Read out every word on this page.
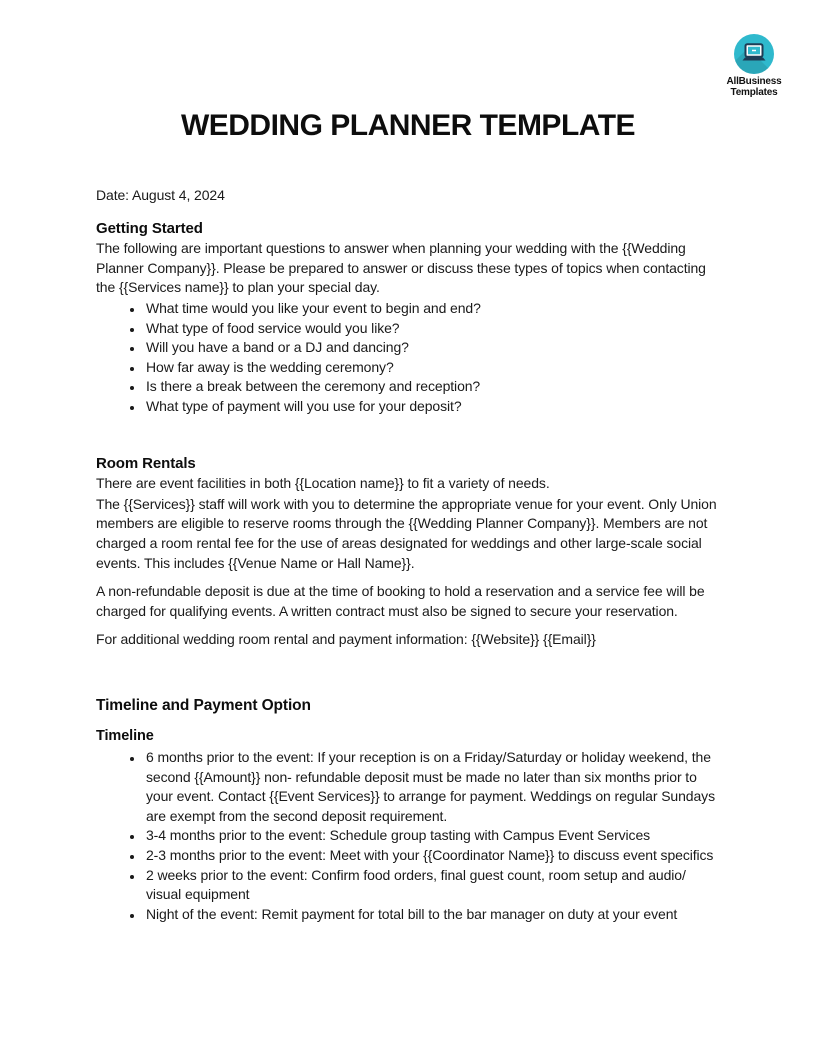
AllBusiness
Templates
WEDDING PLANNER TEMPLATE
Date: August 4, 2024
Getting Started
The following are important questions to answer when planning your wedding with the {{Wedding Planner Company}}. Please be prepared to answer or discuss these types of topics when contacting the {{Services name}} to plan your special day.
• What time would you like your event to begin and end?
• What type of food service would you like?
• Will you have a band or a DJ and dancing?
• How far away is the wedding ceremony?
• Is there a break between the ceremony and reception?
• What type of payment will you use for your deposit?
Room Rentals
There are event facilities in both {{Location name}} to fit a variety of needs.
The {{Services}} staff will work with you to determine the appropriate venue for your event. Only Union members are eligible to reserve rooms through the {{Wedding Planner Company}}. Members are not charged a room rental fee for the use of areas designated for weddings and other large-scale social events. This includes {{Venue Name or Hall Name}}.
A non-refundable deposit is due at the time of booking to hold a reservation and a service fee will be charged for qualifying events. A written contract must also be signed to secure your reservation.
For additional wedding room rental and payment information: {{Website}} {{Email}}
Timeline and Payment Option
Timeline
• 6 months prior to the event: If your reception is on a Friday/Saturday or holiday weekend, the second {{Amount}} non- refundable deposit must be made no later than six months prior to your event. Contact {{Event Services}} to arrange for payment. Weddings on regular Sundays are exempt from the second deposit requirement.
• 3-4 months prior to the event: Schedule group tasting with Campus Event Services
• 2-3 months prior to the event: Meet with your {{Coordinator Name}} to discuss event specifics
• 2 weeks prior to the event: Confirm food orders, final guest count, room setup and audio/ visual equipment
• Night of the event: Remit payment for total bill to the bar manager on duty at your event
